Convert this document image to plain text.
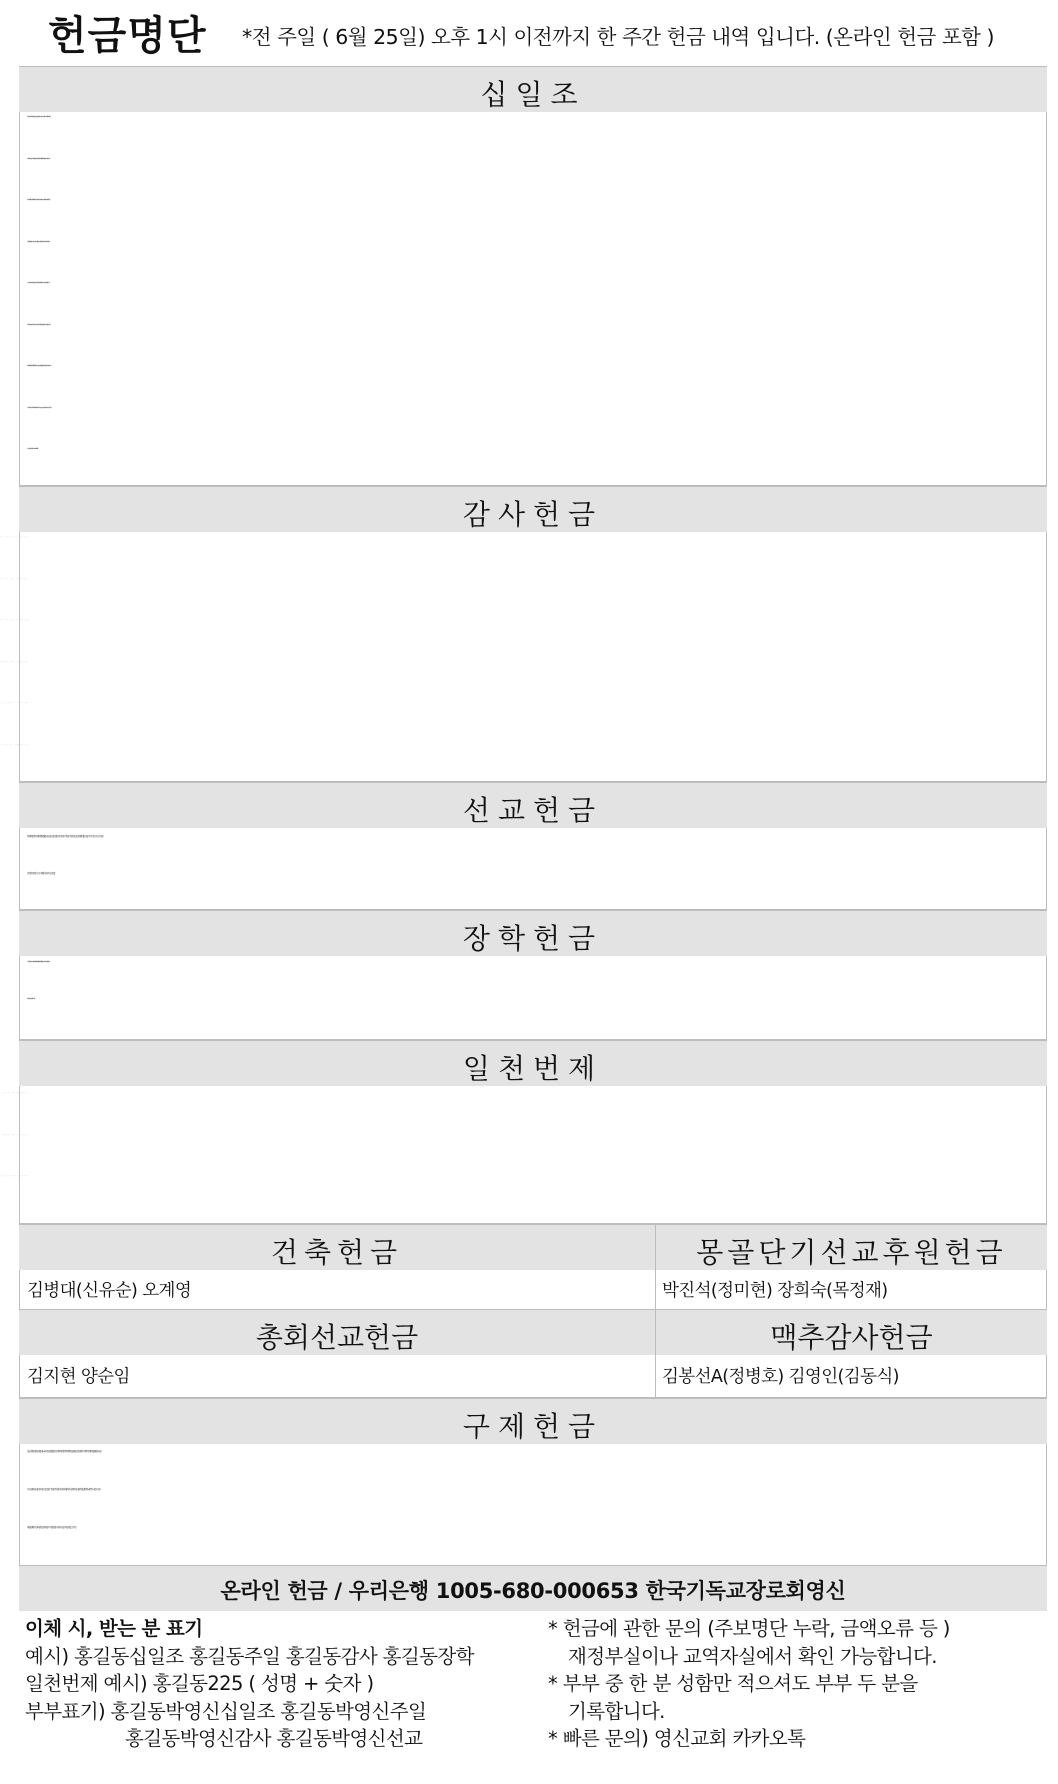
헌금명단 *전 주일 ( 6월 25일) 오후 1시 이전까지 한 주간 헌금 내역 입니다. (온라인 헌금 포함 )
십일조
강경원(김종임) 권순경(장재옥) 김광남(나옥주) 김광출(김정수) 김성조(신선옥) 김순임A(이광덕) 김신국(김성애) 김영신A(방해영)
김재영(오명진) 김정분(김연수) 김지홍(김유경) 나옥주(김광남) 문정환(김신항) 박대정(정미화) 박봉규(조희분) 박석현(정해미)
박성하A(오세련) 박종관(권혜경) 박철원(윤부금) 서인규(박금희) 성동현(조복자) 송인옥(구미희) 신명옥(최광주) 신봉련(김해룡)
심경섭(계성혜) 심일섭(천윤자) 엄승호(임영숙) 엄주성(최은정) 오두성(정후남) 오병선(현민영) 오정훈(김심자) 우미영(안상문)
윤기보(이정선) 이광우(하숙자) 이동진(송춘자) 이동희(인영남) 이상우(최영미) 이상춘(이온희) 이성범(김영은) 이수(한요한)
이영애(이보천) 이은숙B(김경호) 이정숙B(김용근) 이정연(김기완) 임전한(박영순) 임종대(김유환) 정두근(홍사숙) 정효섭(김경민)
최영호(배영옥) 최창회(이연숙) 최철현(박수남) 한상만(손선연) 홍순길(정은영) 홍철회(김명희) 강지석 계명희 김병준 김소자 김순남
김연희 김원이 김인숙 김지현 박수종 박예은 박지혜 서진욱 서현종 성유신 송응순 오계영 유정숙 윤하은 이성용 이정심 이창숙
임순애 임청송 장광인 정새롬 조근아 조의연 최태복 최헌
감사헌금
선교헌금
박대정(정미화) 박철원(윤부금) 성동현(조복자) 윤기보(이정선) 임전한(박영순) 강지석 김인숙 김지현
문정숙 박춘구 오계영 이창숙 임청송
장학헌금
권순경(장재옥) 김광남(나옥주) 김신항(문정환) 김재영(오명진) 박대정(정미화) 박철원(윤부금) 신기원(서순애) 심일섭(천윤자)
최창회(이연숙) 허만(김영자) 김지현 이창숙
일천번제
건축헌금	몽골단기선교후원헌금
김병대(신유순) 오계영	박진석(정미현) 장희숙(목정재)
총회선교헌금	맥추감사헌금
김지현 양순임	김봉선A(정병호) 김영인(김동식)
구제헌금
권순경(장재옥) 김광남(나옥주) 김광출(김정수) 박대정(정미화) 박영순A(임전한) 박진석(정미현) 박철원(윤부금)
서인규(박금희) 신선옥(김성조) 윤기보(이정선) 이상우(최영미) 이상춘(이온희) 이영일(박춘녀) 정두근(홍사숙)
최철현(박수남) 허만(김영자) 강지석 방상훈 이창숙 임순애 임청송 조의연
온라인 헌금 / 우리은행 1005-680-000653 한국기독교장로회영신
이체 시, 받는 분 표기
예시) 홍길동십일조 홍길동주일 홍길동감사 홍길동장학
일천번제 예시) 홍길동225 ( 성명 + 숫자 )
부부표기) 홍길동박영신십일조 홍길동박영신주일
홍길동박영신감사 홍길동박영신선교
* 헌금에 관한 문의 (주보명단 누락, 금액오류 등 )
재정부실이나 교역자실에서 확인 가능합니다.
* 부부 중 한 분 성함만 적으셔도 부부 두 분을
기록합니다.
* 빠른 문의) 영신교회 카카오톡
